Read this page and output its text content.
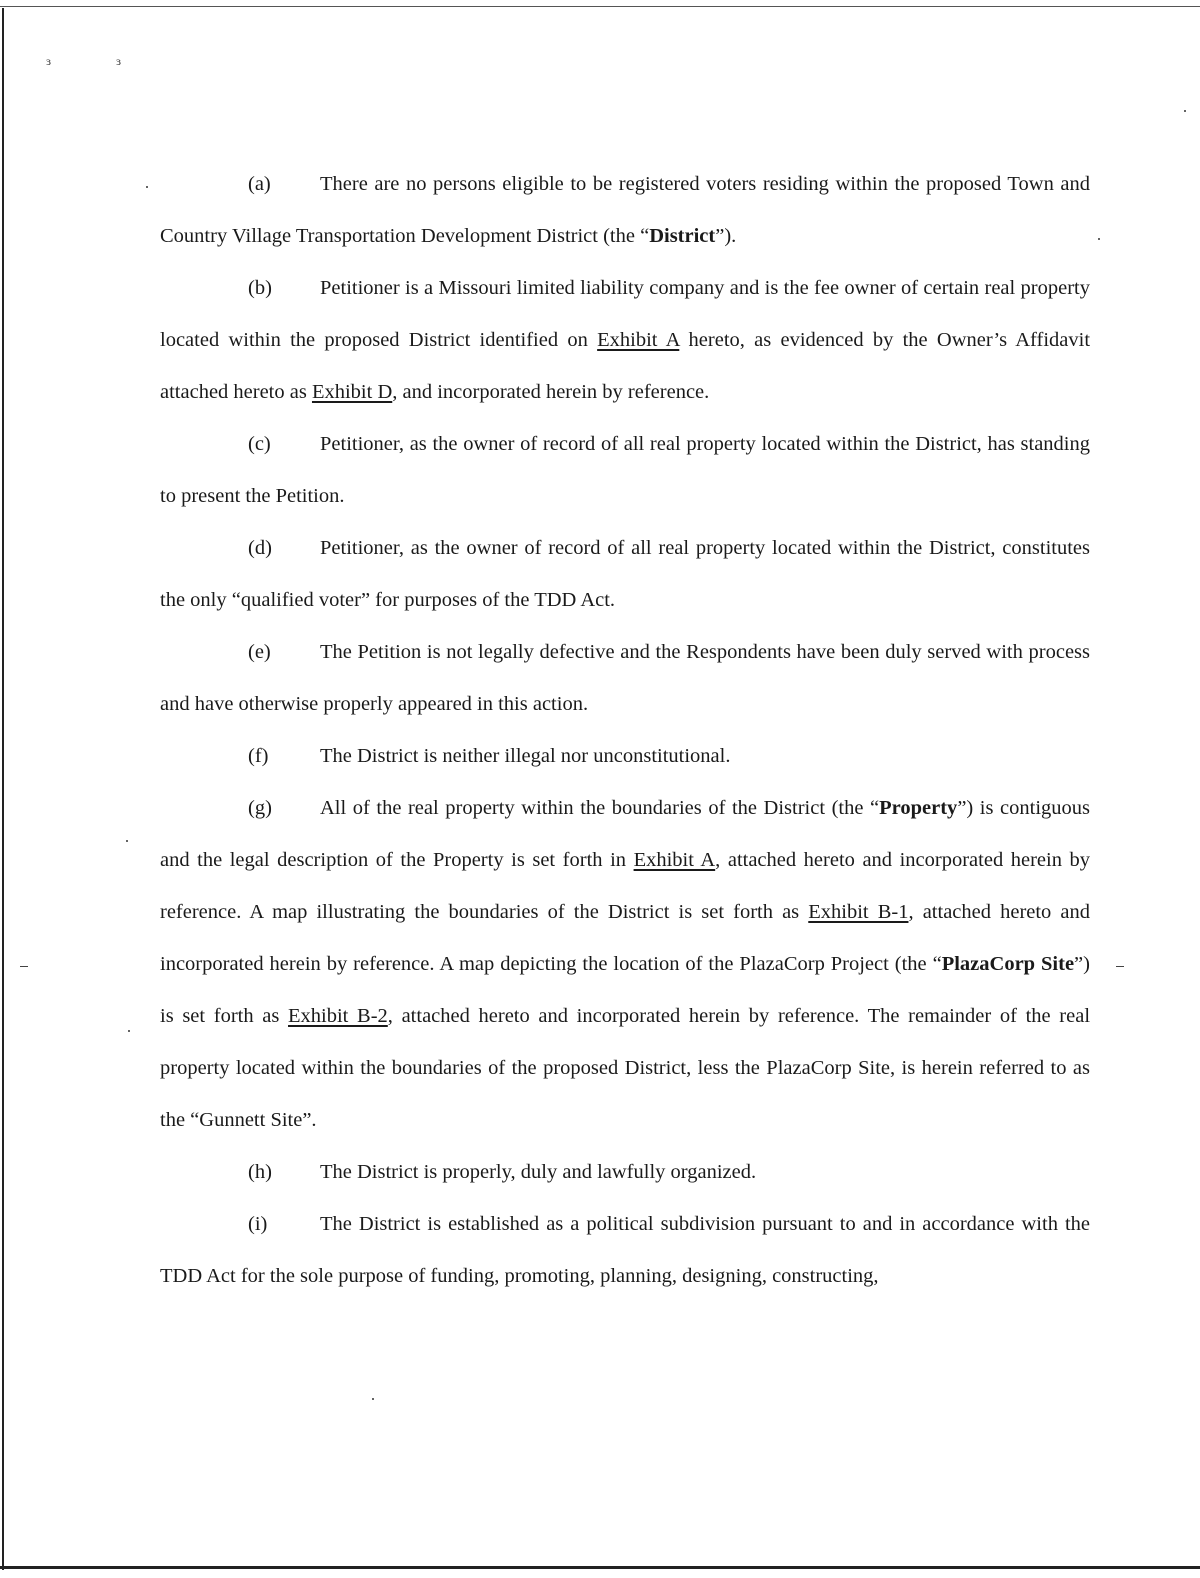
ɜ	ɜ

(a) There are no persons eligible to be registered voters residing within the proposed Town and Country Village Transportation Development District (the “District”).

(b) Petitioner is a Missouri limited liability company and is the fee owner of certain real property located within the proposed District identified on Exhibit A hereto, as evidenced by the Owner’s Affidavit attached hereto as Exhibit D, and incorporated herein by reference.

(c) Petitioner, as the owner of record of all real property located within the District, has standing to present the Petition.

(d) Petitioner, as the owner of record of all real property located within the District, constitutes the only “qualified voter” for purposes of the TDD Act.

(e) The Petition is not legally defective and the Respondents have been duly served with process and have otherwise properly appeared in this action.

(f)	The District is neither illegal nor unconstitutional.

(g) All of the real property within the boundaries of the District (the “Property”) is contiguous and the legal description of the Property is set forth in Exhibit A, attached hereto and incorporated herein by reference. A map illustrating the boundaries of the District is set forth as Exhibit B-1, attached hereto and incorporated herein by reference. A map depicting the location of the PlazaCorp Project (the “PlazaCorp Site”) is set forth as Exhibit B-2, attached hereto and incorporated herein by reference. The remainder of the real property located within the boundaries of the proposed District, less the PlazaCorp Site, is herein referred to as the “Gunnett Site”.

(h) The District is properly, duly and lawfully organized.

(i)	The District is established as a political subdivision pursuant to and in accordance with the TDD Act for the sole purpose of funding, promoting, planning, designing, constructing,
